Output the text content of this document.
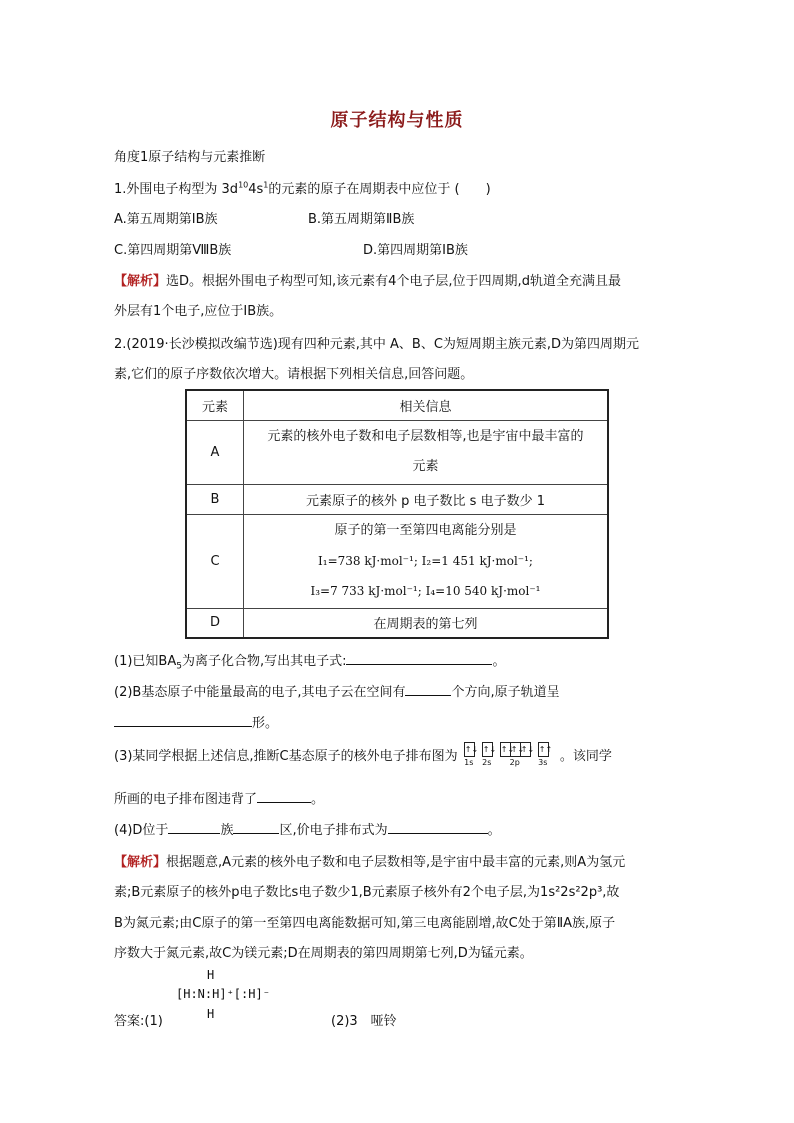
原子结构与性质
角度1原子结构与元素推断
1.外围电子构型为 $3d^{10}4s^1$的元素的原子在周期表中应位于 (　　)
A.第五周期第ⅠB族	B.第五周期第ⅡB族
C.第四周期第ⅧB族	D.第四周期第ⅠB族
【解析】选D。根据外围电子构型可知,该元素有4个电子层,位于四周期,d轨道全充满且最
外层有1个电子,应位于ⅠB族。
2.(2019·长沙模拟改编节选)现有四种元素,其中 A、B、C为短周期主族元素,D为第四周期元
素,它们的原子序数依次增大。请根据下列相关信息,回答问题。
元素	相关信息
A	元素的核外电子数和电子层数相等,也是宇宙中最丰富的
元素

B	元素原子的核外 p 电子数比 s 电子数少 1
C	原子的第一至第四电离能分别是
I₁=738 kJ·mol⁻¹; I₂=1 451 kJ·mol⁻¹;
I₃=7 733 kJ·mol⁻¹; I₄=10 540 kJ·mol⁻¹

D	在周期表的第七列
(1)已知$BA_5$为离子化合物,写出其电子式:	。
(2)B基态原子中能量最高的电子,其电子云在空间有	个方向,原子轨道呈
形。
(3)某同学根据上述信息,推断C基态原子的核外电子排布图为 ↑↓
1s
↑↓
2s
↑↓
↑↓
↑↓
2p
↑↑
3s 。该同学
所画的电子排布图违背了	。
(4)D位于	族	区,价电子排布式为	。
【解析】根据题意,A元素的核外电子数和电子层数相等,是宇宙中最丰富的元素,则A为氢元
素;B元素原子的核外p电子数比s电子数少1,B元素原子核外有2个电子层,为1s²2s²2p³,故
B为氮元素;由C原子的第一至第四电离能数据可知,第三电离能剧增,故C处于第ⅡA族,原子
序数大于氮元素,故C为镁元素;D在周期表的第四周期第七列,D为锰元素。
H
[H:N:H]⁺[:H]⁻
H
答案:(1)	(2)3　哑铃
